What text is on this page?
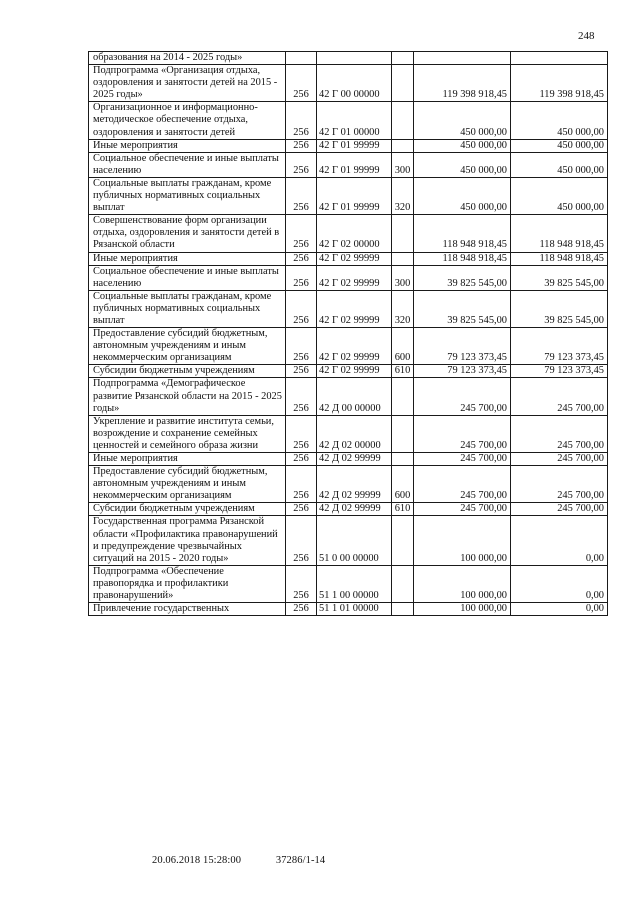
248
образования на 2014 - 2025 годы»					
Подпрограмма «Организация отдыха, оздоровления и занятости детей на 2015 - 2025 годы»	256	42 Г 00 00000		119 398 918,45	119 398 918,45
Организационное и информационно-методическое обеспечение отдыха, оздоровления и занятости детей	256	42 Г 01 00000		450 000,00	450 000,00
Иные мероприятия	256	42 Г 01 99999		450 000,00	450 000,00
Социальное обеспечение и иные выплаты населению	256	42 Г 01 99999	300	450 000,00	450 000,00
Социальные выплаты гражданам, кроме публичных нормативных социальных выплат	256	42 Г 01 99999	320	450 000,00	450 000,00
Совершенствование форм организации отдыха, оздоровления и занятости детей в Рязанской области	256	42 Г 02 00000		118 948 918,45	118 948 918,45
Иные мероприятия	256	42 Г 02 99999		118 948 918,45	118 948 918,45
Социальное обеспечение и иные выплаты населению	256	42 Г 02 99999	300	39 825 545,00	39 825 545,00
Социальные выплаты гражданам, кроме публичных нормативных социальных выплат	256	42 Г 02 99999	320	39 825 545,00	39 825 545,00
Предоставление субсидий бюджетным, автономным учреждениям и иным некоммерческим организациям	256	42 Г 02 99999	600	79 123 373,45	79 123 373,45
Субсидии бюджетным учреждениям	256	42 Г 02 99999	610	79 123 373,45	79 123 373,45
Подпрограмма «Демографическое развитие Рязанской области на 2015 - 2025 годы»	256	42 Д 00 00000		245 700,00	245 700,00
Укрепление и развитие института семьи, возрождение и сохранение семейных ценностей и семейного образа жизни	256	42 Д 02 00000		245 700,00	245 700,00
Иные мероприятия	256	42 Д 02 99999		245 700,00	245 700,00
Предоставление субсидий бюджетным, автономным учреждениям и иным некоммерческим организациям	256	42 Д 02 99999	600	245 700,00	245 700,00
Субсидии бюджетным учреждениям	256	42 Д 02 99999	610	245 700,00	245 700,00
Государственная программа Рязанской области «Профилактика правонарушений и предупреждение чрезвычайных ситуаций на 2015 - 2020 годы»	256	51 0 00 00000		100 000,00	0,00
Подпрограмма «Обеспечение правопорядка и профилактики правонарушений»	256	51 1 00 00000		100 000,00	0,00
Привлечение государственных	256	51 1 01 00000		100 000,00	0,00
20.06.2018 15:28:00	37286/1-14
